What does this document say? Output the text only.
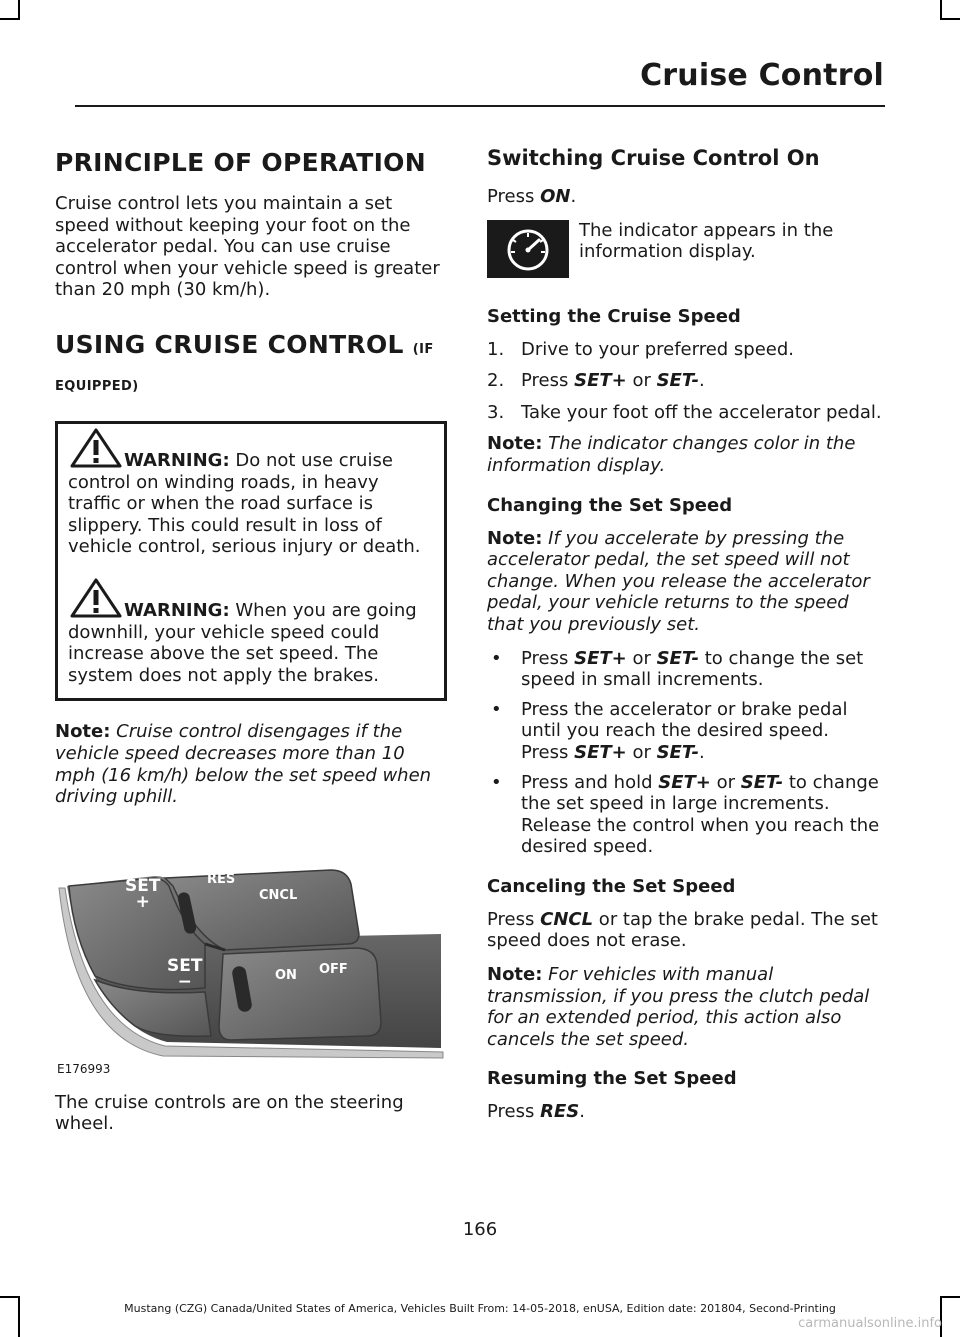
Cruise Control
PRINCIPLE OF OPERATION

Cruise control lets you maintain a set speed without keeping your foot on the accelerator pedal. You can use cruise control when your vehicle speed is greater than 20 mph (30 km/h).

USING CRUISE CONTROL (IF EQUIPPED)
WARNING: Do not use cruise control on winding roads, in heavy traffic or when the road surface is slippery. This could result in loss of vehicle control, serious injury or death.
WARNING: When you are going downhill, your vehicle speed could increase above the set speed. The system does not apply the brakes.

Note: Cruise control disengages if the vehicle speed decreases more than 10 mph (16 km/h) below the set speed when driving uphill.

SET
+
RES
CNCL
SET
−	ON OFF
E176993

The cruise controls are on the steering wheel.

Switching Cruise Control On

Press ON.

The indicator appears in the information display.
Setting the Cruise Speed
1. Drive to your preferred speed.
2. Press SET+ or SET-.
3. Take your foot off the accelerator pedal.

Note: The indicator changes color in the information display.

Changing the Set Speed

Note: If you accelerate by pressing the accelerator pedal, the set speed will not change. When you release the accelerator pedal, your vehicle returns to the speed that you previously set.

• Press SET+ or SET- to change the set speed in small increments.
• Press the accelerator or brake pedal until you reach the desired speed. Press SET+ or SET-.
• Press and hold SET+ or SET- to change the set speed in large increments. Release the control when you reach the desired speed.
Canceling the Set Speed

Press CNCL or tap the brake pedal. The set speed does not erase.

Note: For vehicles with manual transmission, if you press the clutch pedal for an extended period, this action also cancels the set speed.

Resuming the Set Speed

Press RES.

166
Mustang (CZG) Canada/United States of America, Vehicles Built From: 14-05-2018, enUSA, Edition date: 201804, Second-Printing
carmanualsonline.info
